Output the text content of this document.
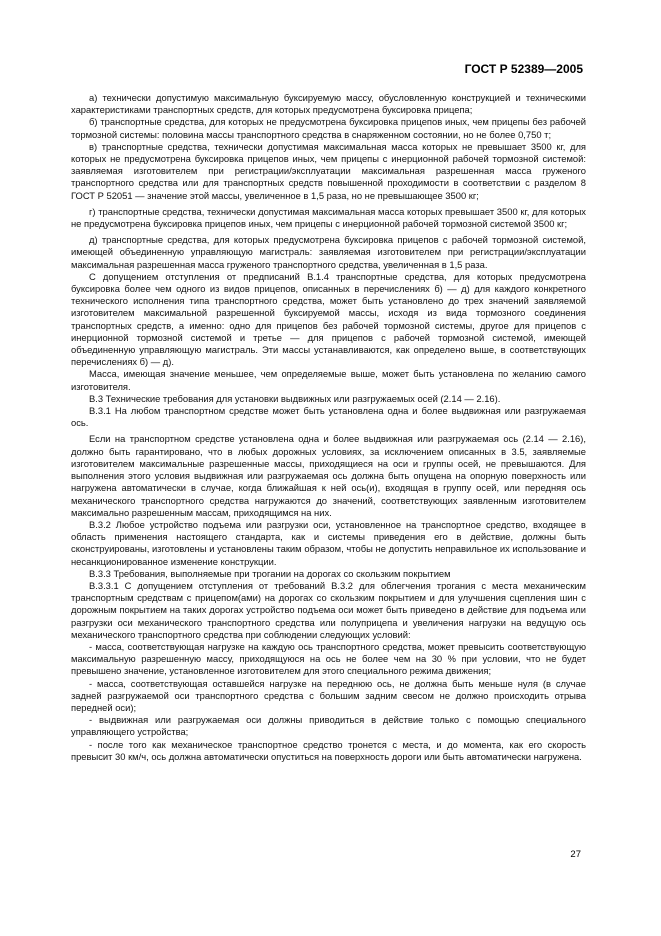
ГОСТ Р 52389—2005

а) технически допустимую максимальную буксируемую массу, обусловленную конструкцией и техническими характеристиками транспортных средств, для которых предусмотрена буксировка прицепа;

б) транспортные средства, для которых не предусмотрена буксировка прицепов иных, чем прицепы без рабочей тормозной системы: половина массы транспортного средства в снаряженном состоянии, но не более 0,750 т;

в) транспортные средства, технически допустимая максимальная масса которых не превышает 3500 кг, для которых не предусмотрена буксировка прицепов иных, чем прицепы с инерционной рабочей тормозной системой: заявляемая изготовителем при регистрации/эксплуатации максимальная разрешенная масса груженого транспортного средства или для транспортных средств повышенной проходимости в соответствии с разделом 8 ГОСТ Р 52051 — значение этой массы, увеличенное в 1,5 раза, но не превышающее 3500 кг;

г) транспортные средства, технически допустимая максимальная масса которых превышает 3500 кг, для которых не предусмотрена буксировка прицепов иных, чем прицепы с инерционной рабочей тормозной системой 3500 кг;

д) транспортные средства, для которых предусмотрена буксировка прицепов с рабочей тормозной системой, имеющей объединенную управляющую магистраль: заявляемая изготовителем при регистрации/эксплуатации максимальная разрешенная масса груженого транспортного средства, увеличенная в 1,5 раза.

С допущением отступления от предписаний В.1.4 транспортные средства, для которых предусмотрена буксировка более чем одного из видов прицепов, описанных в перечислениях б) — д) для каждого конкретного технического исполнения типа транспортного средства, может быть установлено до трех значений заявляемой изготовителем максимальной разрешенной буксируемой массы, исходя из вида тормозного соединения транспортных средств, а именно: одно для прицепов без рабочей тормозной системы, другое для прицепов с инерционной тормозной системой и третье — для прицепов с рабочей тормозной системой, имеющей объединенную управляющую магистраль. Эти массы устанавливаются, как определено выше, в соответствующих перечислениях б) — д).

Масса, имеющая значение меньшее, чем определяемые выше, может быть установлена по желанию самого изготовителя.

В.3 Технические требования для установки выдвижных или разгружаемых осей (2.14 — 2.16).

В.3.1 На любом транспортном средстве может быть установлена одна и более выдвижная или разгружаемая ось.

Если на транспортном средстве установлена одна и более выдвижная или разгружаемая ось (2.14 — 2.16), должно быть гарантировано, что в любых дорожных условиях, за исключением описанных в 3.5, заявляемые изготовителем максимальные разрешенные массы, приходящиеся на оси и группы осей, не превышаются. Для выполнения этого условия выдвижная или разгружаемая ось должна быть опущена на опорную поверхность или нагружена автоматически в случае, когда ближайшая к ней ось(и), входящая в группу осей, или передняя ось механического транспортного средства нагружаются до значений, соответствующих заявленным изготовителем максимально разрешенным массам, приходящимся на них.

В.3.2 Любое устройство подъема или разгрузки оси, установленное на транспортное средство, входящее в область применения настоящего стандарта, как и системы приведения его в действие, должны быть сконструированы, изготовлены и установлены таким образом, чтобы не допустить неправильное их использование и несанкционированное изменение конструкции.

В.3.3 Требования, выполняемые при трогании на дорогах со скользким покрытием

В.3.3.1 С допущением отступления от требований В.3.2 для облегчения трогания с места механическим транспортным средствам с прицепом(ами) на дорогах со скользким покрытием и для улучшения сцепления шин с дорожным покрытием на таких дорогах устройство подъема оси может быть приведено в действие для подъема или разгрузки оси механического транспортного средства или полуприцепа и увеличения нагрузки на ведущую ось механического транспортного средства при соблюдении следующих условий:

- масса, соответствующая нагрузке на каждую ось транспортного средства, может превысить соответствующую максимальную разрешенную массу, приходящуюся на ось не более чем на 30 % при условии, что не будет превышено значение, установленное изготовителем для этого специального режима движения;

- масса, соответствующая оставшейся нагрузке на переднюю ось, не должна быть меньше нуля (в случае задней разгружаемой оси транспортного средства с большим задним свесом не должно происходить отрыва передней оси);

- выдвижная или разгружаемая оси должны приводиться в действие только с помощью специального управляющего устройства;

- после того как механическое транспортное средство тронется с места, и до момента, как его скорость превысит 30 км/ч, ось должна автоматически опуститься на поверхность дороги или быть автоматически нагружена.

27
